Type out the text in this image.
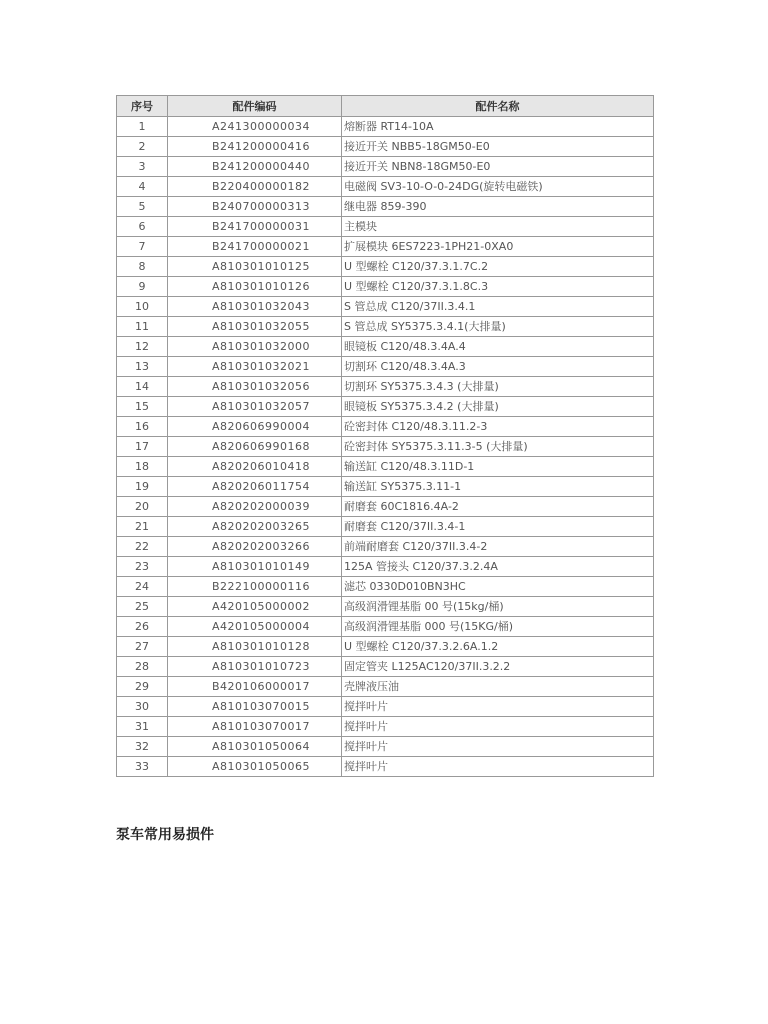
序号	配件编码	配件名称
1	A241300000034	熔断器 RT14-10A
2	B241200000416	接近开关 NBB5-18GM50-E0
3	B241200000440	接近开关 NBN8-18GM50-E0
4	B220400000182	电磁阀 SV3-10-O-0-24DG(旋转电磁铁)
5	B240700000313	继电器 859-390
6	B241700000031	主模块
7	B241700000021	扩展模块 6ES7223-1PH21-0XA0
8	A810301010125	U 型螺栓 C120/37.3.1.7C.2
9	A810301010126	U 型螺栓 C120/37.3.1.8C.3
10	A810301032043	S 管总成 C120/37II.3.4.1
11	A810301032055	S 管总成 SY5375.3.4.1(大排量)
12	A810301032000	眼镜板 C120/48.3.4A.4
13	A810301032021	切割环 C120/48.3.4A.3
14	A810301032056	切割环 SY5375.3.4.3 (大排量)
15	A810301032057	眼镜板 SY5375.3.4.2 (大排量)
16	A820606990004	砼密封体 C120/48.3.11.2-3
17	A820606990168	砼密封体 SY5375.3.11.3-5 (大排量)
18	A820206010418	输送缸 C120/48.3.11D-1
19	A820206011754	输送缸 SY5375.3.11-1
20	A820202000039	耐磨套 60C1816.4A-2
21	A820202003265	耐磨套 C120/37II.3.4-1
22	A820202003266	前端耐磨套 C120/37II.3.4-2
23	A810301010149	125A 管接头 C120/37.3.2.4A
24	B222100000116	滤芯 0330D010BN3HC
25	A420105000002	高级润滑锂基脂 00 号(15kg/桶)
26	A420105000004	高级润滑锂基脂 000 号(15KG/桶)
27	A810301010128	U 型螺栓 C120/37.3.2.6A.1.2
28	A810301010723	固定管夹 L125AC120/37II.3.2.2
29	B420106000017	壳牌液压油
30	A810103070015	搅拌叶片
31	A810103070017	搅拌叶片
32	A810301050064	搅拌叶片
33	A810301050065	搅拌叶片
泵车常用易损件
